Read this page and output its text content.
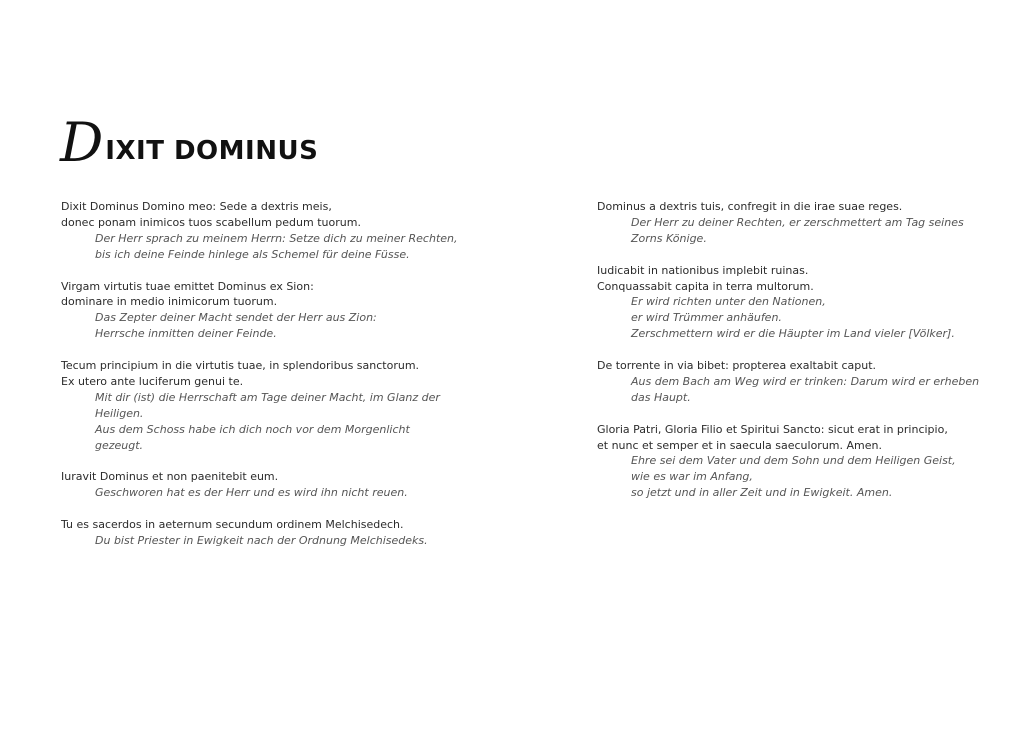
D IXIT DOMINUS
Dixit Dominus Domino meo: Sede a dextris meis,
donec ponam inimicos tuos scabellum pedum tuorum.
Der Herr sprach zu meinem Herrn: Setze dich zu meiner Rechten,
bis ich deine Feinde hinlege als Schemel für deine Füsse.
Virgam virtutis tuae emittet Dominus ex Sion:
dominare in medio inimicorum tuorum.
Das Zepter deiner Macht sendet der Herr aus Zion:
Herrsche inmitten deiner Feinde.
Tecum principium in die virtutis tuae, in splendoribus sanctorum.
Ex utero ante luciferum genui te.
Mit dir (ist) die Herrschaft am Tage deiner Macht, im Glanz der
Heiligen.
Aus dem Schoss habe ich dich noch vor dem Morgenlicht
gezeugt.
Iuravit Dominus et non paenitebit eum.
Geschworen hat es der Herr und es wird ihn nicht reuen.
Tu es sacerdos in aeternum secundum ordinem Melchisedech.
Du bist Priester in Ewigkeit nach der Ordnung Melchisedeks.
Dominus a dextris tuis, confregit in die irae suae reges.
Der Herr zu deiner Rechten, er zerschmettert am Tag seines
Zorns Könige.
Iudicabit in nationibus implebit ruinas.
Conquassabit capita in terra multorum.
Er wird richten unter den Nationen,
er wird Trümmer anhäufen.
Zerschmettern wird er die Häupter im Land vieler [Völker].
De torrente in via bibet: propterea exaltabit caput.
Aus dem Bach am Weg wird er trinken: Darum wird er erheben
das Haupt.
Gloria Patri, Gloria Filio et Spiritui Sancto: sicut erat in principio,
et nunc et semper et in saecula saeculorum. Amen.
Ehre sei dem Vater und dem Sohn und dem Heiligen Geist,
wie es war im Anfang,
so jetzt und in aller Zeit und in Ewigkeit. Amen.
